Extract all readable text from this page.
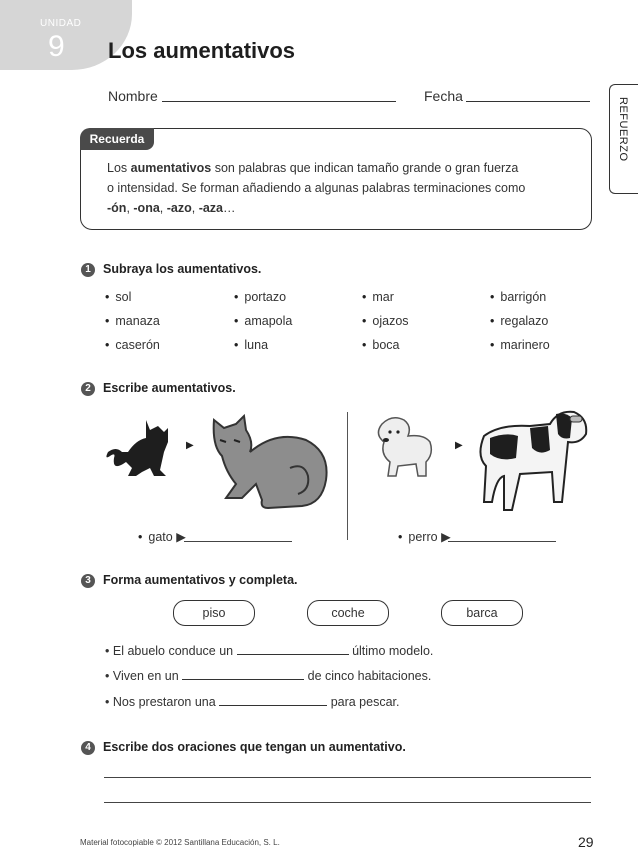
UNIDAD
9 Los aumentativos
Nombre	Fecha
REFUERZO
Recuerda
Los aumentativos son palabras que indican tamaño grande o gran fuerza
o intensidad. Se forman añadiendo a algunas palabras terminaciones como
-ón, -ona, -azo, -aza…
1 Subraya los aumentativos.
• sol	• portazo	• mar	• barrigón
• manaza	• amapola	• ojazos	• regalazo
• caserón	• luna	• boca	• marinero
2 Escribe aumentativos.
▶	▶
• gato ▶	• perro ▶
3 Forma aumentativos y completa.
piso	coche	barca
• El abuelo conduce un	último modelo.
• Viven en un	de cinco habitaciones.
• Nos prestaron una	para pescar.
4 Escribe dos oraciones que tengan un aumentativo.
Material fotocopiable © 2012 Santillana Educación, S. L.	29
